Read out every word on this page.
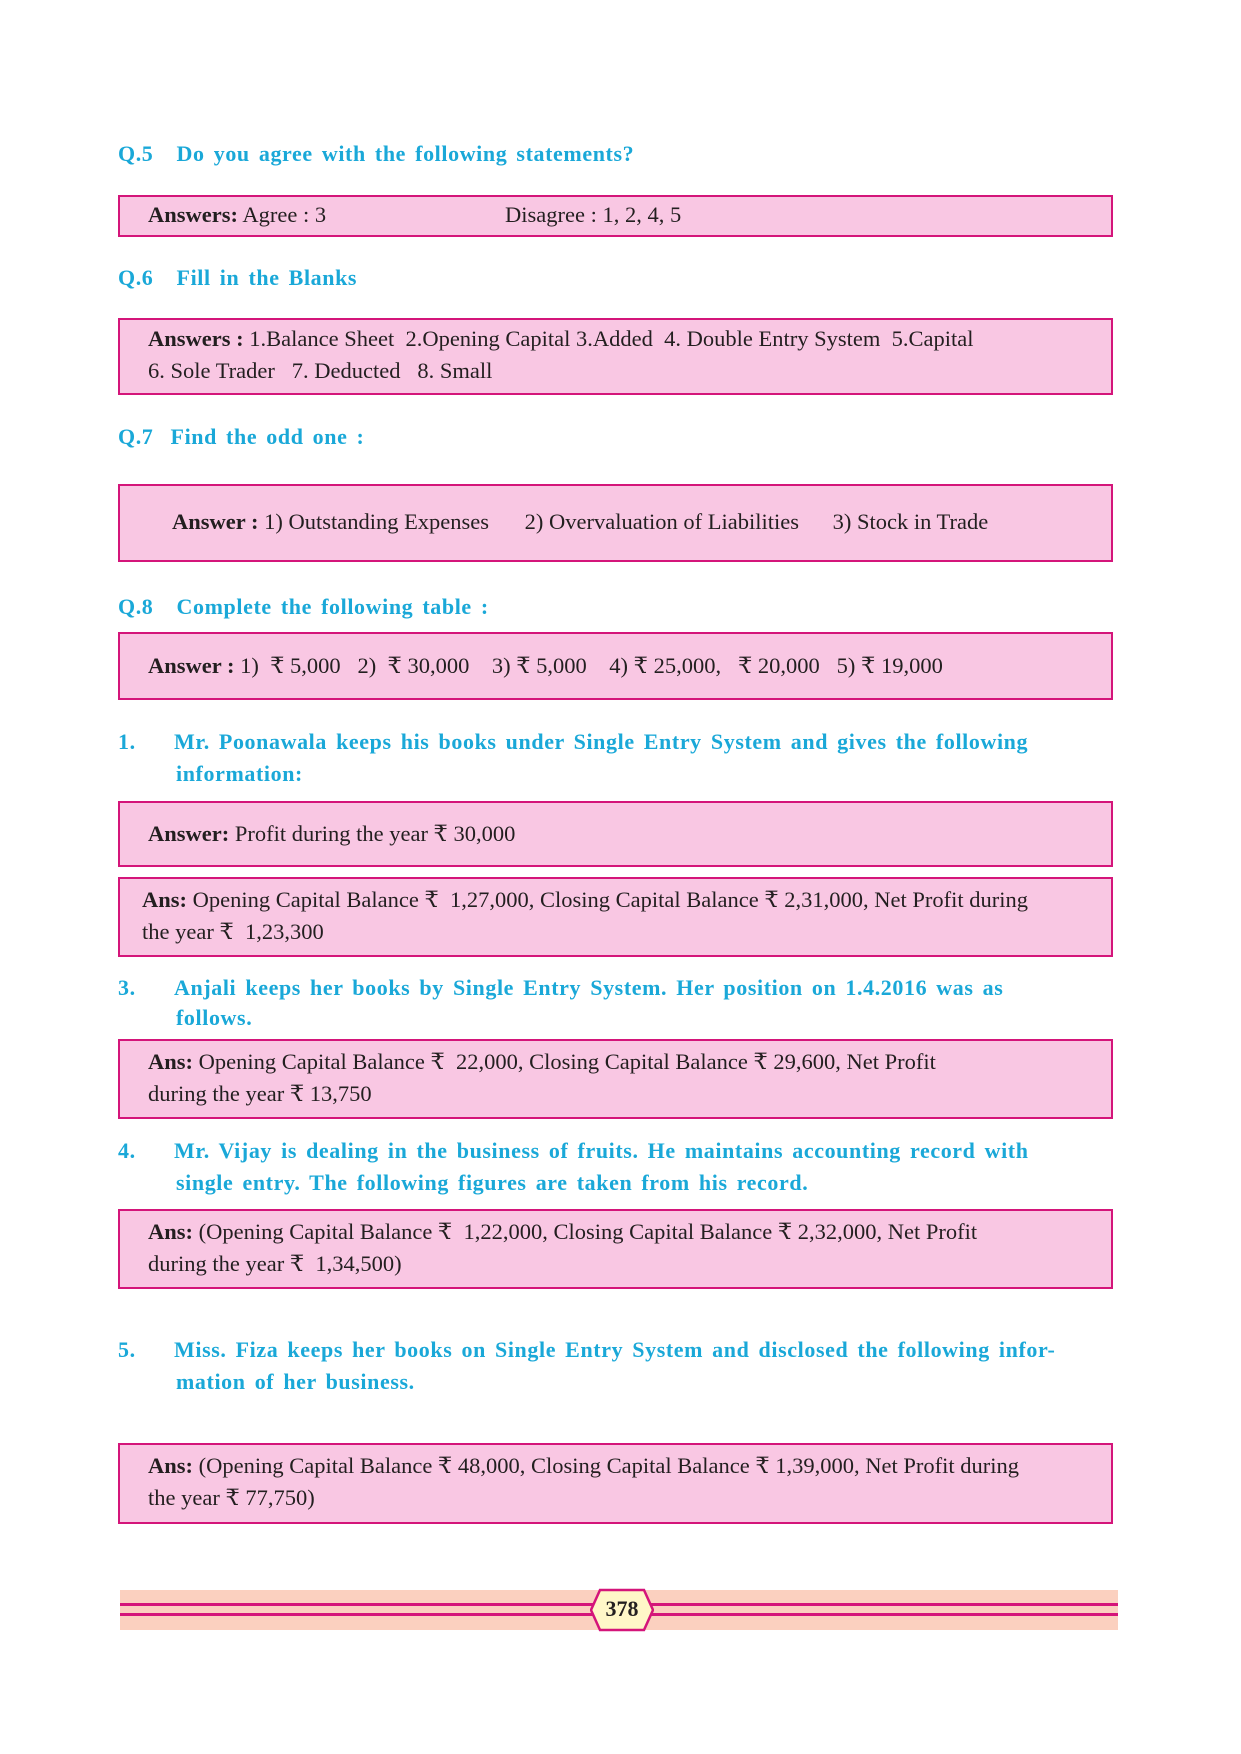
Q.5 Do you agree with the following statements?
Answers: Agree : 3	Disagree : 1, 2, 4, 5
Q.6 Fill in the Blanks
Answers : 1.Balance Sheet  2.Opening Capital 3.Added  4. Double Entry System  5.Capital
6. Sole Trader   7. Deducted   8. Small
Q.7 Find the odd one :
Answer : 1) Outstanding Expenses 2) Overvaluation of Liabilities 3) Stock in Trade
Q.8 Complete the following table :
Answer : 1)  ₹ 5,000 2)  ₹ 30,000 3) ₹ 5,000 4) ₹ 25,000,   ₹ 20,000 5) ₹ 19,000
1. Mr. Poonawala keeps his books under Single Entry System and gives the following
information:
Answer: Profit during the year ₹ 30,000
Ans: Opening Capital Balance ₹  1,27,000, Closing Capital Balance ₹ 2,31,000, Net Profit during
the year ₹  1,23,300
3. Anjali keeps her books by Single Entry System. Her position on 1.4.2016 was as
follows.
Ans: Opening Capital Balance ₹  22,000, Closing Capital Balance ₹ 29,600, Net Profit
during the year ₹ 13,750
4. Mr. Vijay is dealing in the business of fruits. He maintains accounting record with
single entry. The following figures are taken from his record.
Ans: (Opening Capital Balance ₹  1,22,000, Closing Capital Balance ₹ 2,32,000, Net Profit
during the year ₹  1,34,500)
5. Miss. Fiza keeps her books on Single Entry System and disclosed the following infor-
mation of her business.
Ans: (Opening Capital Balance ₹ 48,000, Closing Capital Balance ₹ 1,39,000, Net Profit during
the year ₹ 77,750)
378
